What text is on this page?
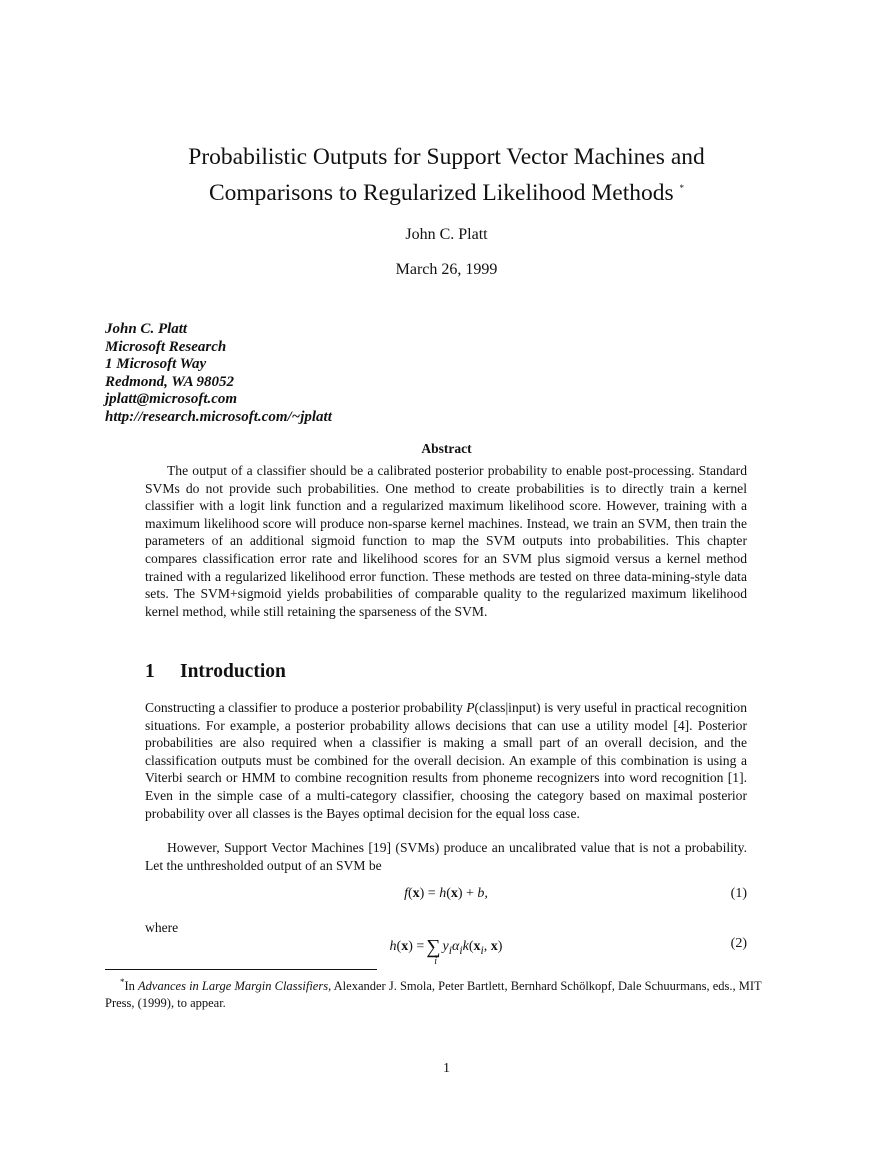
Probabilistic Outputs for Support Vector Machines and
Comparisons to Regularized Likelihood Methods *
John C. Platt
March 26, 1999
John C. Platt
Microsoft Research
1 Microsoft Way
Redmond, WA 98052
jplatt@microsoft.com
http://research.microsoft.com/~jplatt
Abstract
The output of a classifier should be a calibrated posterior probability to enable post-processing. Standard SVMs do not provide such probabilities. One method to create probabilities is to directly train a kernel classifier with a logit link function and a regularized maximum likelihood score. However, training with a maximum likelihood score will produce non-sparse kernel machines. Instead, we train an SVM, then train the parameters of an additional sigmoid function to map the SVM outputs into probabilities. This chapter compares classification error rate and likelihood scores for an SVM plus sigmoid versus a kernel method trained with a regularized likelihood error function. These methods are tested on three data-mining-style data sets. The SVM+sigmoid yields probabilities of comparable quality to the regularized maximum likelihood kernel method, while still retaining the sparseness of the SVM.
1 Introduction
Constructing a classifier to produce a posterior probability P(class|input) is very useful in practical recognition situations. For example, a posterior probability allows decisions that can use a utility model [4]. Posterior probabilities are also required when a classifier is making a small part of an overall decision, and the classification outputs must be combined for the overall decision. An example of this combination is using a Viterbi search or HMM to combine recognition results from phoneme recognizers into word recognition [1]. Even in the simple case of a multi-category classifier, choosing the category based on maximal posterior probability over all classes is the Bayes optimal decision for the equal loss case.
However, Support Vector Machines [19] (SVMs) produce an uncalibrated value that is not a probability. Let the unthresholded output of an SVM be
f(x) = h(x) + b,	(1)
where
h(x) = ∑
i
$y_i\alpha_ik(x_i$, x)	(2)
*In Advances in Large Margin Classifiers, Alexander J. Smola, Peter Bartlett, Bernhard Schölkopf, Dale Schuurmans, eds., MIT Press, (1999), to appear.
1
